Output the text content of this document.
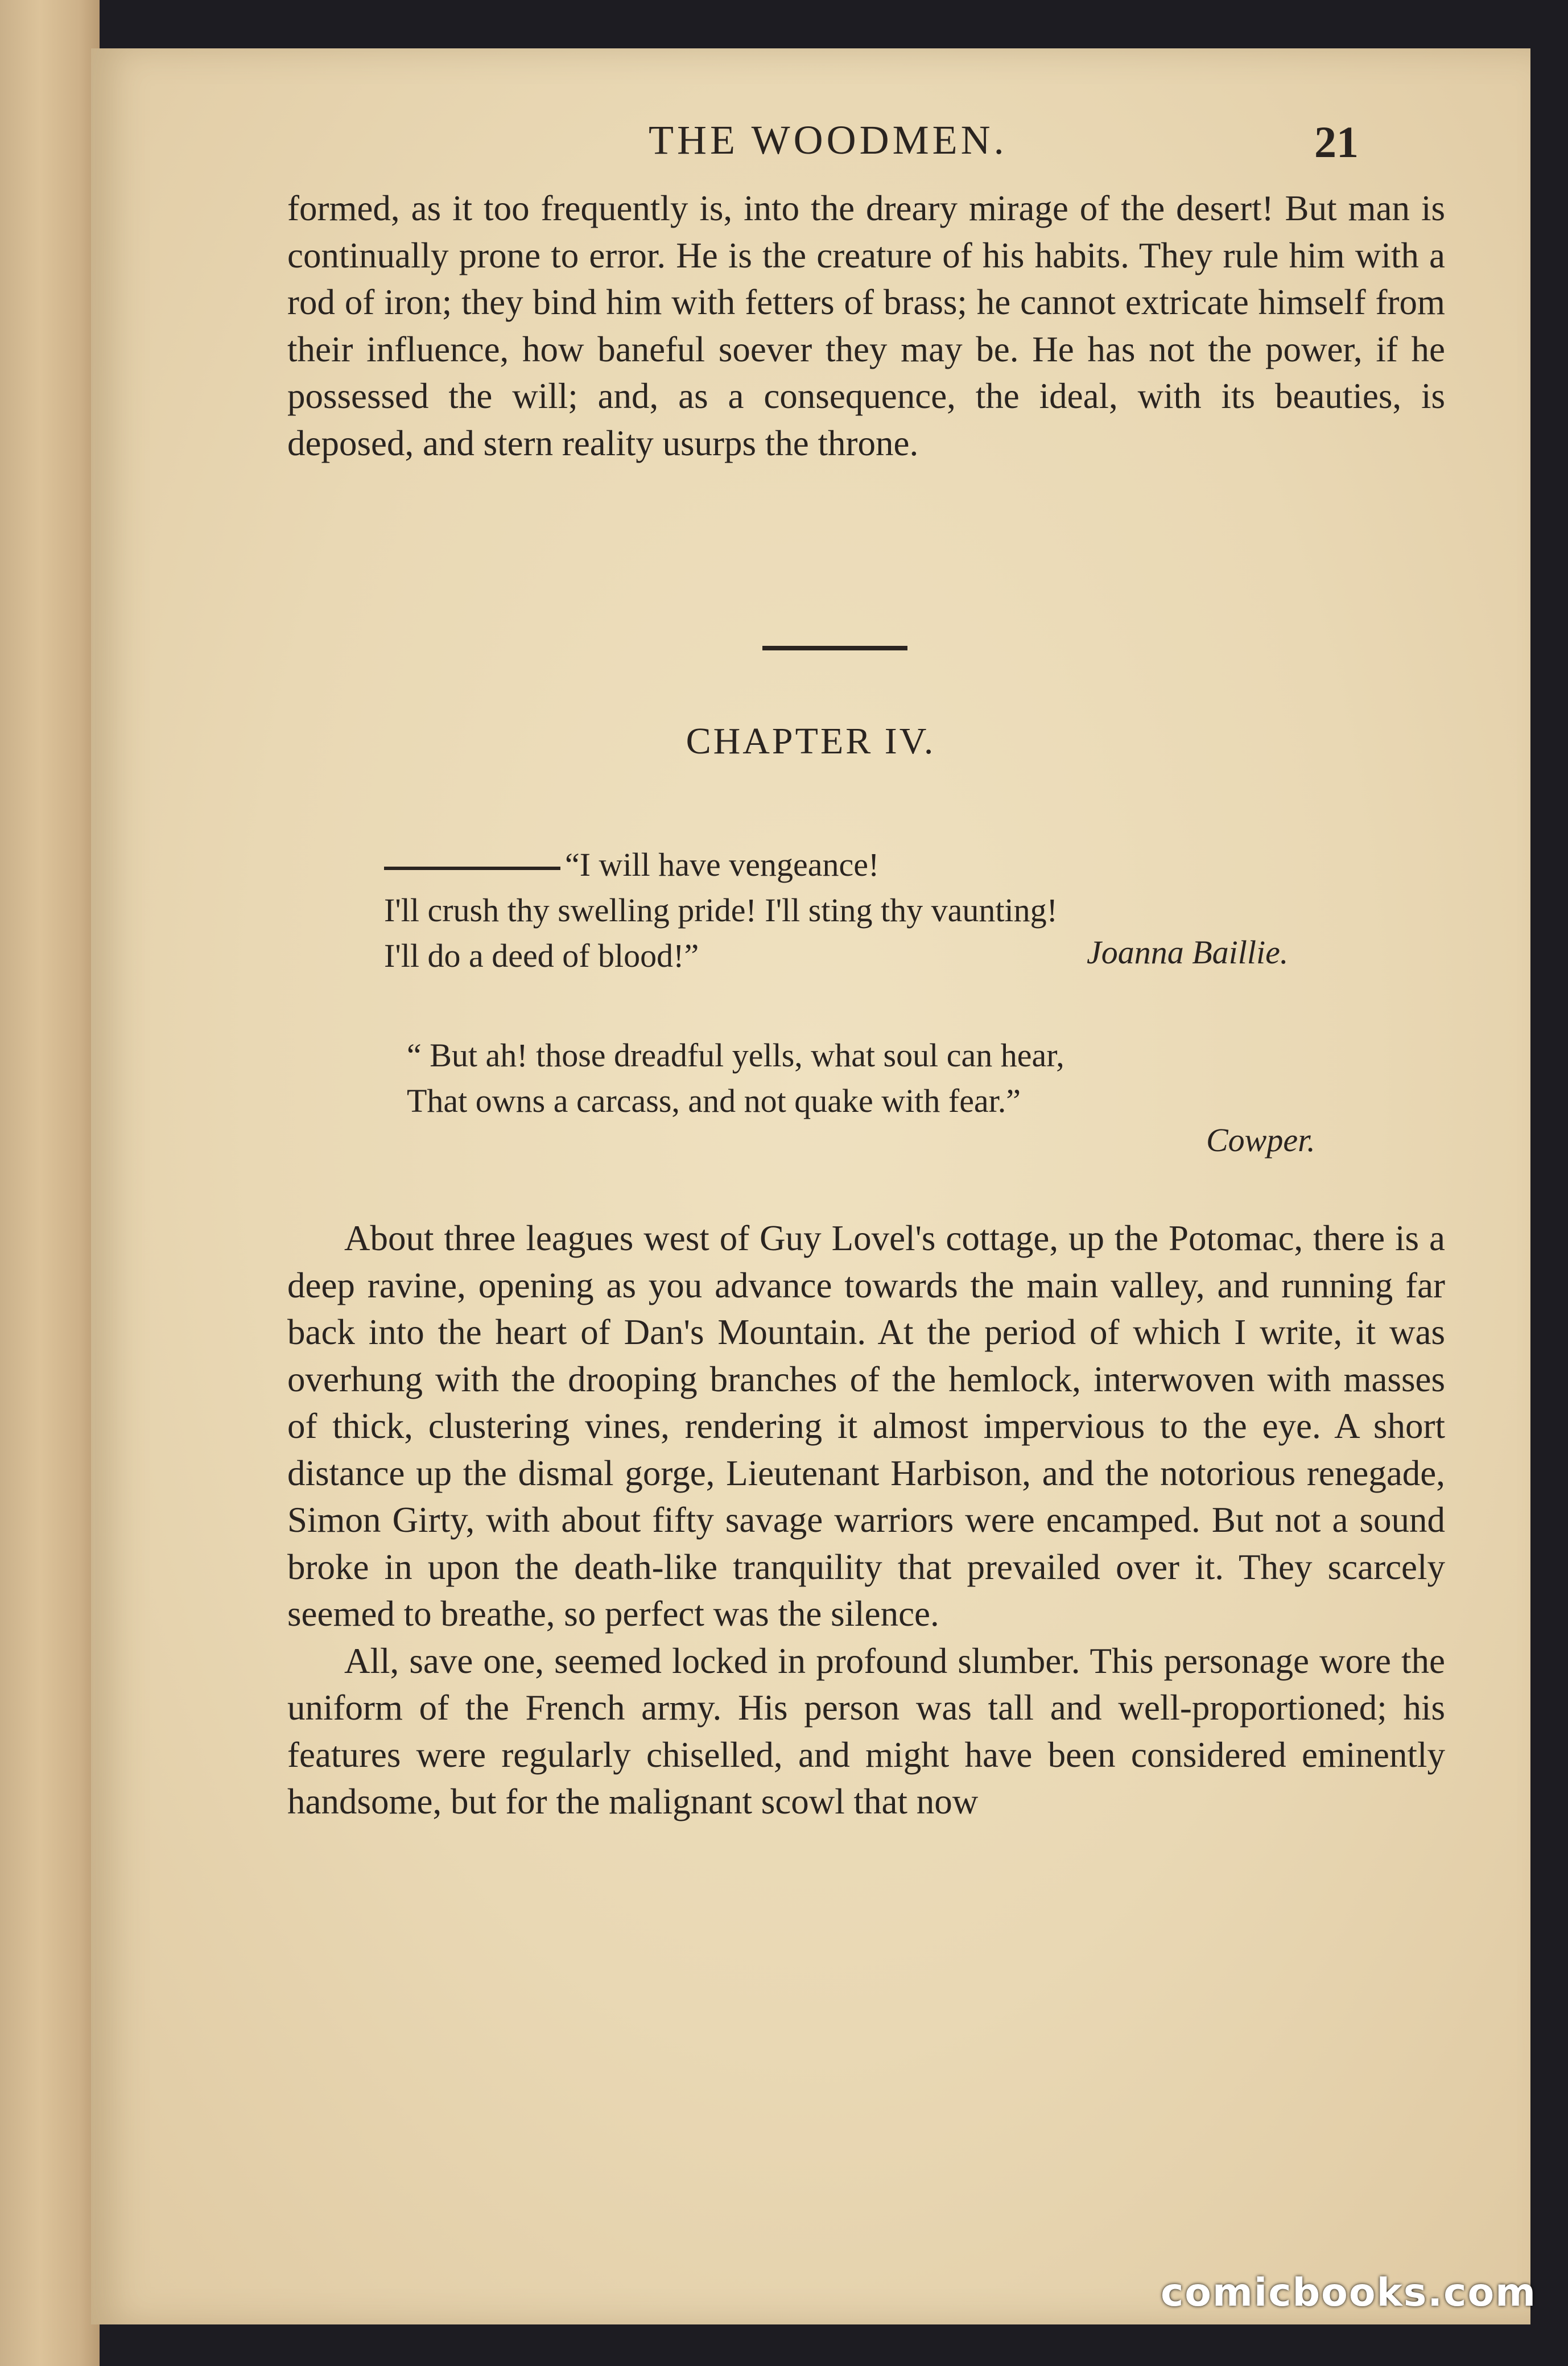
THE WOODMEN.	21

formed, as it too frequently is, into the dreary mirage of the desert! But man is continually prone to error. He is the creature of his habits. They rule him with a rod of iron; they bind him with fetters of brass; he cannot extricate himself from their influence, how baneful soever they may be. He has not the power, if he possessed the will; and, as a consequence, the ideal, with its beauties, is deposed, and stern reality usurps the throne.

CHAPTER IV.
“I will have vengeance!
I'll crush thy swelling pride! I'll sting thy vaunting!
I'll do a deed of blood!”	Joanna Baillie.
“ But ah! those dreadful yells, what soul can hear,
That owns a carcass, and not quake with fear.”
Cowper.

About three leagues west of Guy Lovel's cottage, up the Potomac, there is a deep ravine, opening as you advance towards the main valley, and running far back into the heart of Dan's Mountain. At the period of which I write, it was overhung with the drooping branches of the hemlock, interwoven with masses of thick, clustering vines, rendering it almost impervious to the eye. A short distance up the dismal gorge, Lieutenant Harbison, and the notorious renegade, Simon Girty, with about fifty savage warriors were encamped. But not a sound broke in upon the death-like tranquility that prevailed over it. They scarcely seemed to breathe, so perfect was the silence.

All, save one, seemed locked in profound slumber. This personage wore the uniform of the French army. His person was tall and well-proportioned; his features were regularly chiselled, and might have been considered eminently handsome, but for the malignant scowl that now

comicbooks.com
